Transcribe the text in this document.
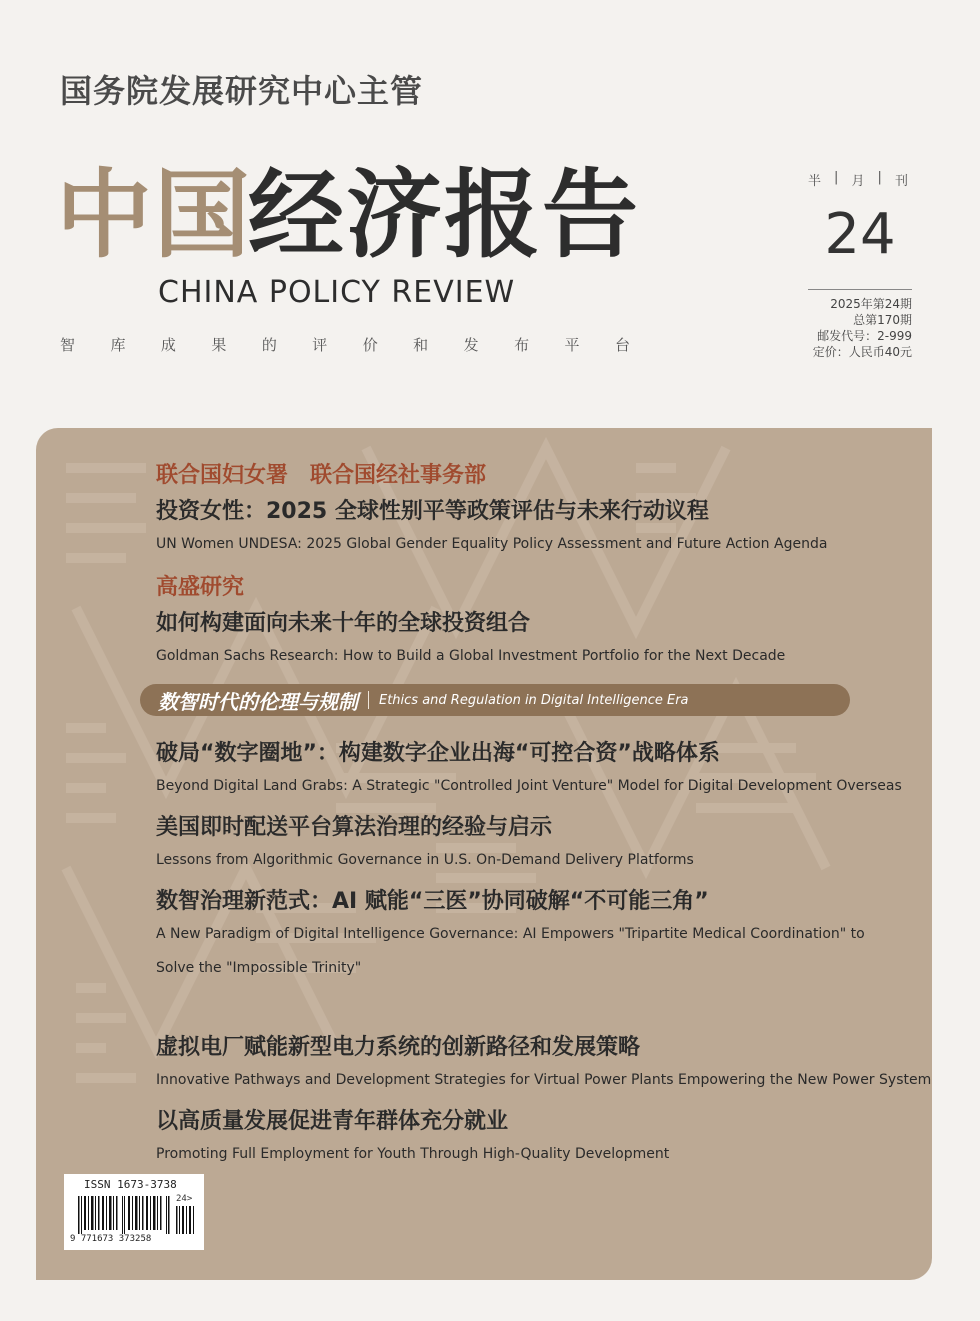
国务院发展研究中心主管
中国
经济报告
CHINA POLICY REVIEW
智 库 成 果 的 评 价 和 发 布 平 台
半 | 月 | 刊
24
2025年第24期
总第170期
邮发代号：2-999
定价：人民币40元
联合国妇女署　联合国经社事务部
投资女性：2025 全球性别平等政策评估与未来行动议程
UN Women UNDESA: 2025 Global Gender Equality Policy Assessment and Future Action Agenda
高盛研究
如何构建面向未来十年的全球投资组合
Goldman Sachs Research: How to Build a Global Investment Portfolio for the Next Decade
数智时代的伦理与规制 Ethics and Regulation in Digital Intelligence Era
破局“数字圈地”：构建数字企业出海“可控合资”战略体系
Beyond Digital Land Grabs: A Strategic "Controlled Joint Venture" Model for Digital Development Overseas
美国即时配送平台算法治理的经验与启示
Lessons from Algorithmic Governance in U.S. On-Demand Delivery Platforms
数智治理新范式：AI 赋能“三医”协同破解“不可能三角”
A New Paradigm of Digital Intelligence Governance: AI Empowers "Tripartite Medical Coordination" to
Solve the "Impossible Trinity"
虚拟电厂赋能新型电力系统的创新路径和发展策略
Innovative Pathways and Development Strategies for Virtual Power Plants Empowering the New Power System
以高质量发展促进青年群体充分就业
Promoting Full Employment for Youth Through High-Quality Development
ISSN 1673-3738
24>
9 771673 373258
